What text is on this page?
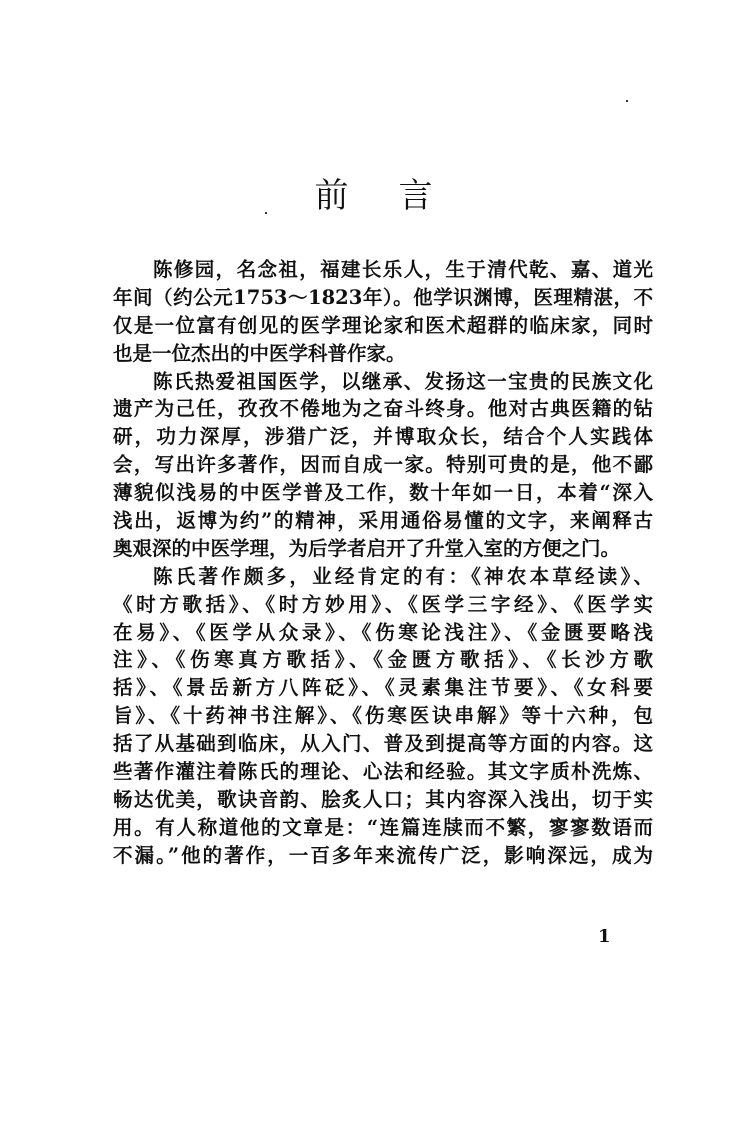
前言
陈修园，名念祖，福建长乐人，生于清代乾、嘉、道光
年间（约公元1753～1823年）。他学识渊博，医理精湛，不
仅是一位富有创见的医学理论家和医术超群的临床家，同时
也是一位杰出的中医学科普作家。
陈氏热爱祖国医学，以继承、发扬这一宝贵的民族文化
遗产为己任，孜孜不倦地为之奋斗终身。他对古典医籍的钻
研，功力深厚，涉猎广泛，并博取众长，结合个人实践体
会，写出许多著作，因而自成一家。特别可贵的是，他不鄙
薄貌似浅易的中医学普及工作，数十年如一日，本着“深入
浅出，返博为约”的精神，采用通俗易懂的文字，来阐释古
奥艰深的中医学理，为后学者启开了升堂入室的方便之门。
陈氏著作颇多，业经肯定的有：《神农本草经读》、
《时方歌括》、《时方妙用》、《医学三字经》、《医学实
在易》、《医学从众录》、《伤寒论浅注》、《金匮要略浅
注》、《伤寒真方歌括》、《金匮方歌括》、《长沙方歌
括》、《景岳新方八阵砭》、《灵素集注节要》、《女科要
旨》、《十药神书注解》、《伤寒医诀串解》等十六种，包
括了从基础到临床，从入门、普及到提高等方面的内容。这
些著作灌注着陈氏的理论、心法和经验。其文字质朴洗炼、
畅达优美，歌诀音韵、脍炙人口；其内容深入浅出，切于实
用。有人称道他的文章是：“连篇连牍而不繁，寥寥数语而
不漏。”他的著作，一百多年来流传广泛，影响深远，成为
1
